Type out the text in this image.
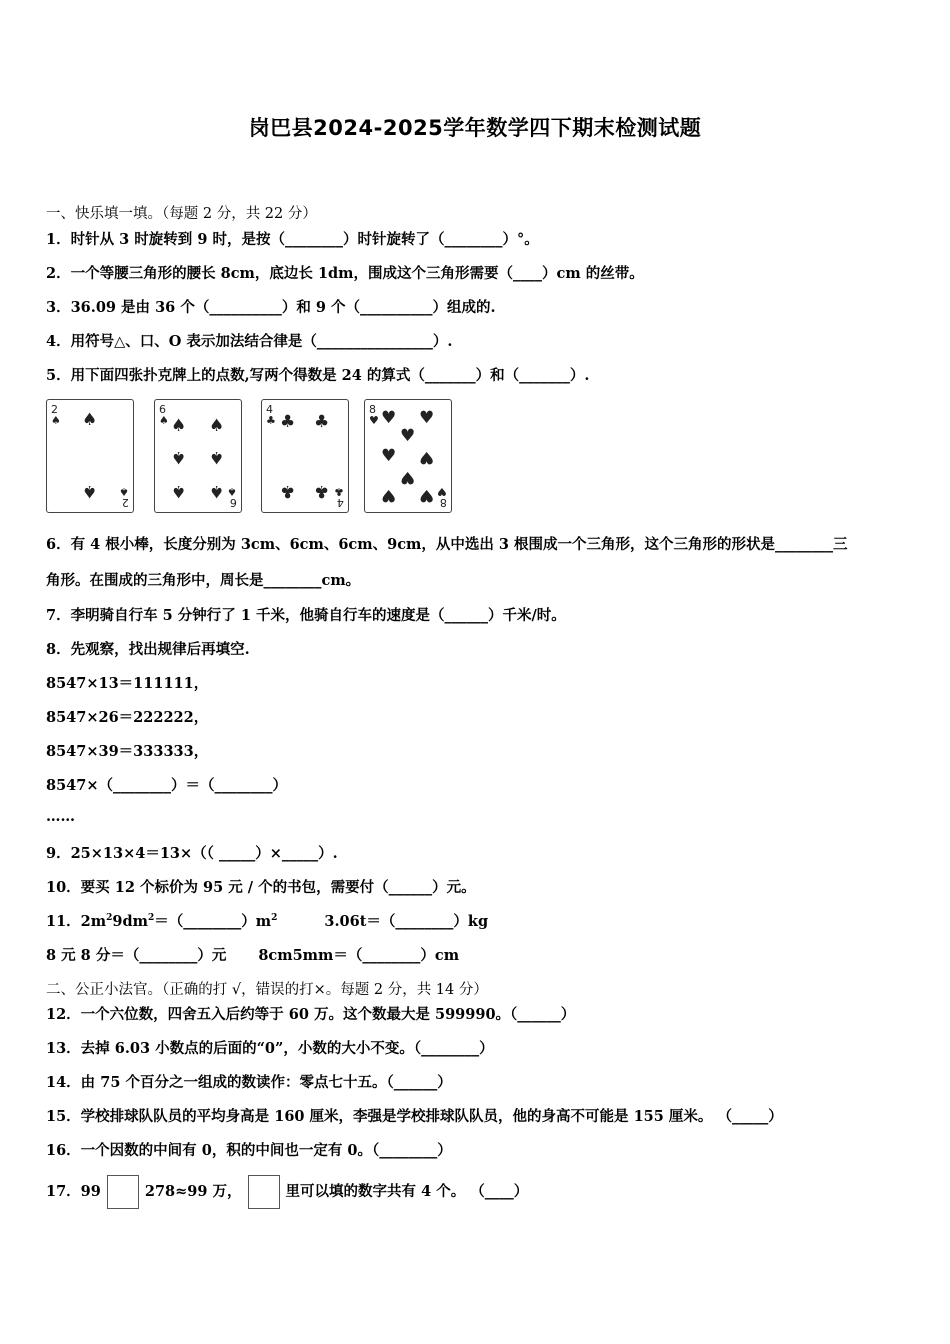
岗巴县2024-2025学年数学四下期末检测试题
一、快乐填一填。（每题 2 分，共 22 分）
1．时针从 3 时旋转到 9 时，是按（________）时针旋转了（________）°。
2．一个等腰三角形的腰长 8cm，底边长 1dm，围成这个三角形需要（____）cm 的丝带。
3．36.09 是由 36 个（__________）和 9 个（__________）组成的.
4．用符号△、口、O 表示加法结合律是（________________）.
5．用下面四张扑克牌上的点数,写两个得数是 24 的算式（_______）和（_______）.
2
♠ ♠
♠
2
♠
6
♠ ♠ ♠
♠ ♠
♠ ♠
6
♠
4
♣ ♣ ♣
♣ ♣
4
♣
8
♥ ♥ ♥
♥
♥ ♥
♥
♥ ♥ 8
♥
6．有 4 根小棒，长度分别为 3cm、6cm、6cm、9cm，从中选出 3 根围成一个三角形，这个三角形的形状是________三
角形。在围成的三角形中，周长是________cm。
7．李明骑自行车 5 分钟行了 1 千米，他骑自行车的速度是（______）千米/时。
8．先观察，找出规律后再填空.
8547×13＝111111，
8547×26＝222222，
8547×39＝333333，
8547×（________）＝（________）
……
9．25×13×4＝13×（（ _____）×_____）.
10．要买 12 个标价为 95 元 / 个的书包，需要付（______）元。
11．$2m^29dm^2=(\_\_\_\_\_\_\_\_)m^2$	3.06t＝（________）kg
8 元 8 分＝（________）元 8cm5mm＝（________）cm
二、公正小法官。（正确的打 √，错误的打×。每题 2 分，共 14 分）
12．一个六位数，四舍五入后约等于 60 万。这个数最大是 599990。（______）
13．去掉 6.03 小数点的后面的“0”，小数的大小不变。（________）
14．由 75 个百分之一组成的数读作：零点七十五。（______）
15．学校排球队队员的平均身高是 160 厘米，李强是学校排球队队员，他的身高不可能是 155 厘米。 （_____）
16．一个因数的中间有 0，积的中间也一定有 0。（________）
17．99	278≈99 万，	里可以填的数字共有 4 个。 （____）
